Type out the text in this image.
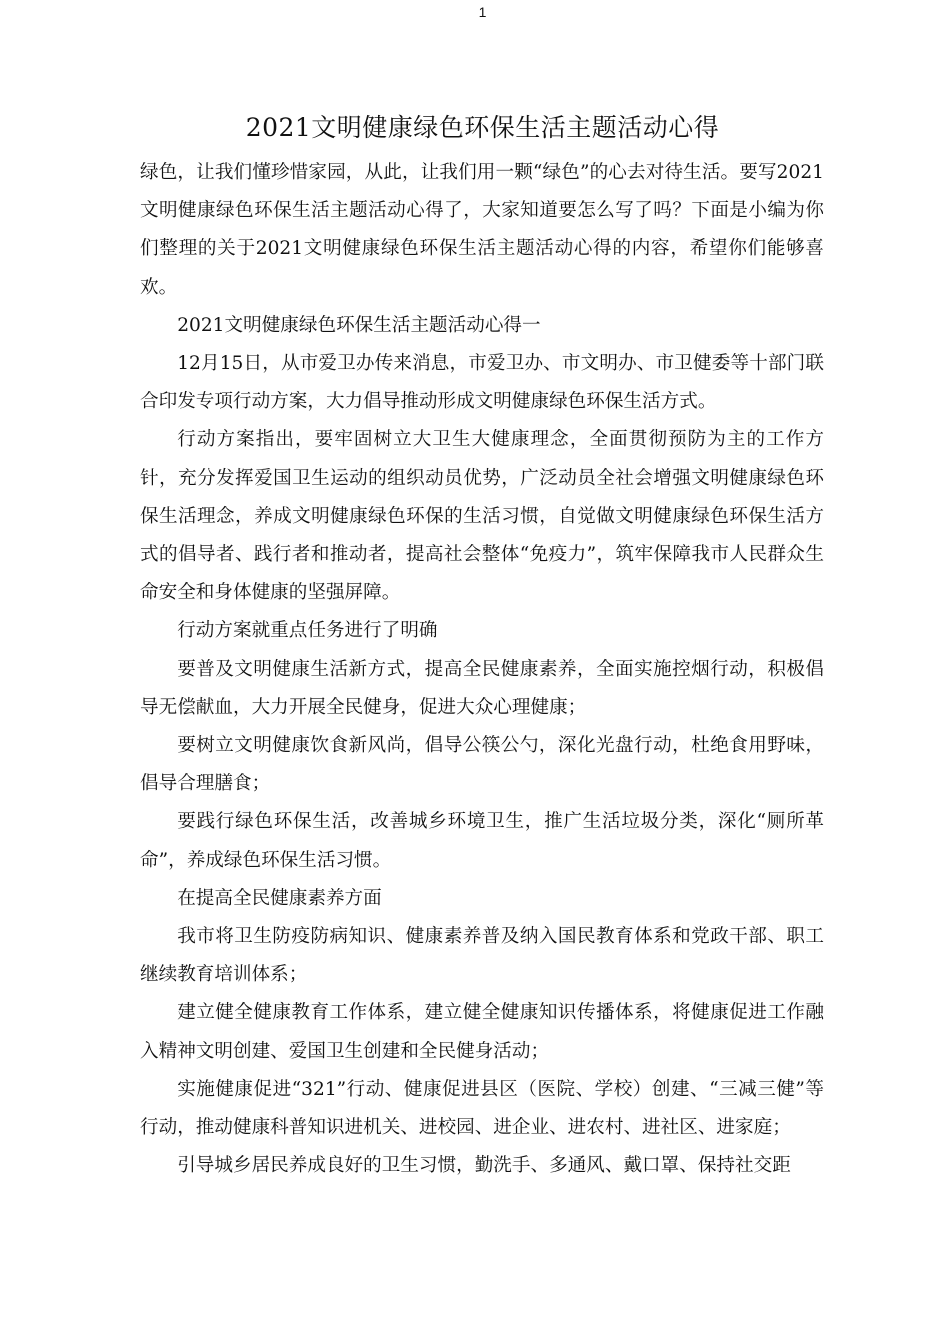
1
2021文明健康绿色环保生活主题活动心得

绿色，让我们懂珍惜家园，从此，让我们用一颗“绿色”的心去对待生活。要写2021文明健康绿色环保生活主题活动心得了，大家知道要怎么写了吗？下面是小编为你们整理的关于2021文明健康绿色环保生活主题活动心得的内容，希望你们能够喜欢。

2021文明健康绿色环保生活主题活动心得一

12月15日，从市爱卫办传来消息，市爱卫办、市文明办、市卫健委等十部门联合印发专项行动方案，大力倡导推动形成文明健康绿色环保生活方式。

行动方案指出，要牢固树立大卫生大健康理念，全面贯彻预防为主的工作方针，充分发挥爱国卫生运动的组织动员优势，广泛动员全社会增强文明健康绿色环保生活理念，养成文明健康绿色环保的生活习惯，自觉做文明健康绿色环保生活方式的倡导者、践行者和推动者，提高社会整体“免疫力”，筑牢保障我市人民群众生命安全和身体健康的坚强屏障。

行动方案就重点任务进行了明确

要普及文明健康生活新方式，提高全民健康素养，全面实施控烟行动，积极倡导无偿献血，大力开展全民健身，促进大众心理健康；

要树立文明健康饮食新风尚，倡导公筷公勺，深化光盘行动，杜绝食用野味，倡导合理膳食；

要践行绿色环保生活，改善城乡环境卫生，推广生活垃圾分类，深化“厕所革命”，养成绿色环保生活习惯。

在提高全民健康素养方面

我市将卫生防疫防病知识、健康素养普及纳入国民教育体系和党政干部、职工继续教育培训体系；

建立健全健康教育工作体系，建立健全健康知识传播体系，将健康促进工作融入精神文明创建、爱国卫生创建和全民健身活动；

实施健康促进“321”行动、健康促进县区（医院、学校）创建、“三减三健”等行动，推动健康科普知识进机关、进校园、进企业、进农村、进社区、进家庭；

引导城乡居民养成良好的卫生习惯，勤洗手、多通风、戴口罩、保持社交距
